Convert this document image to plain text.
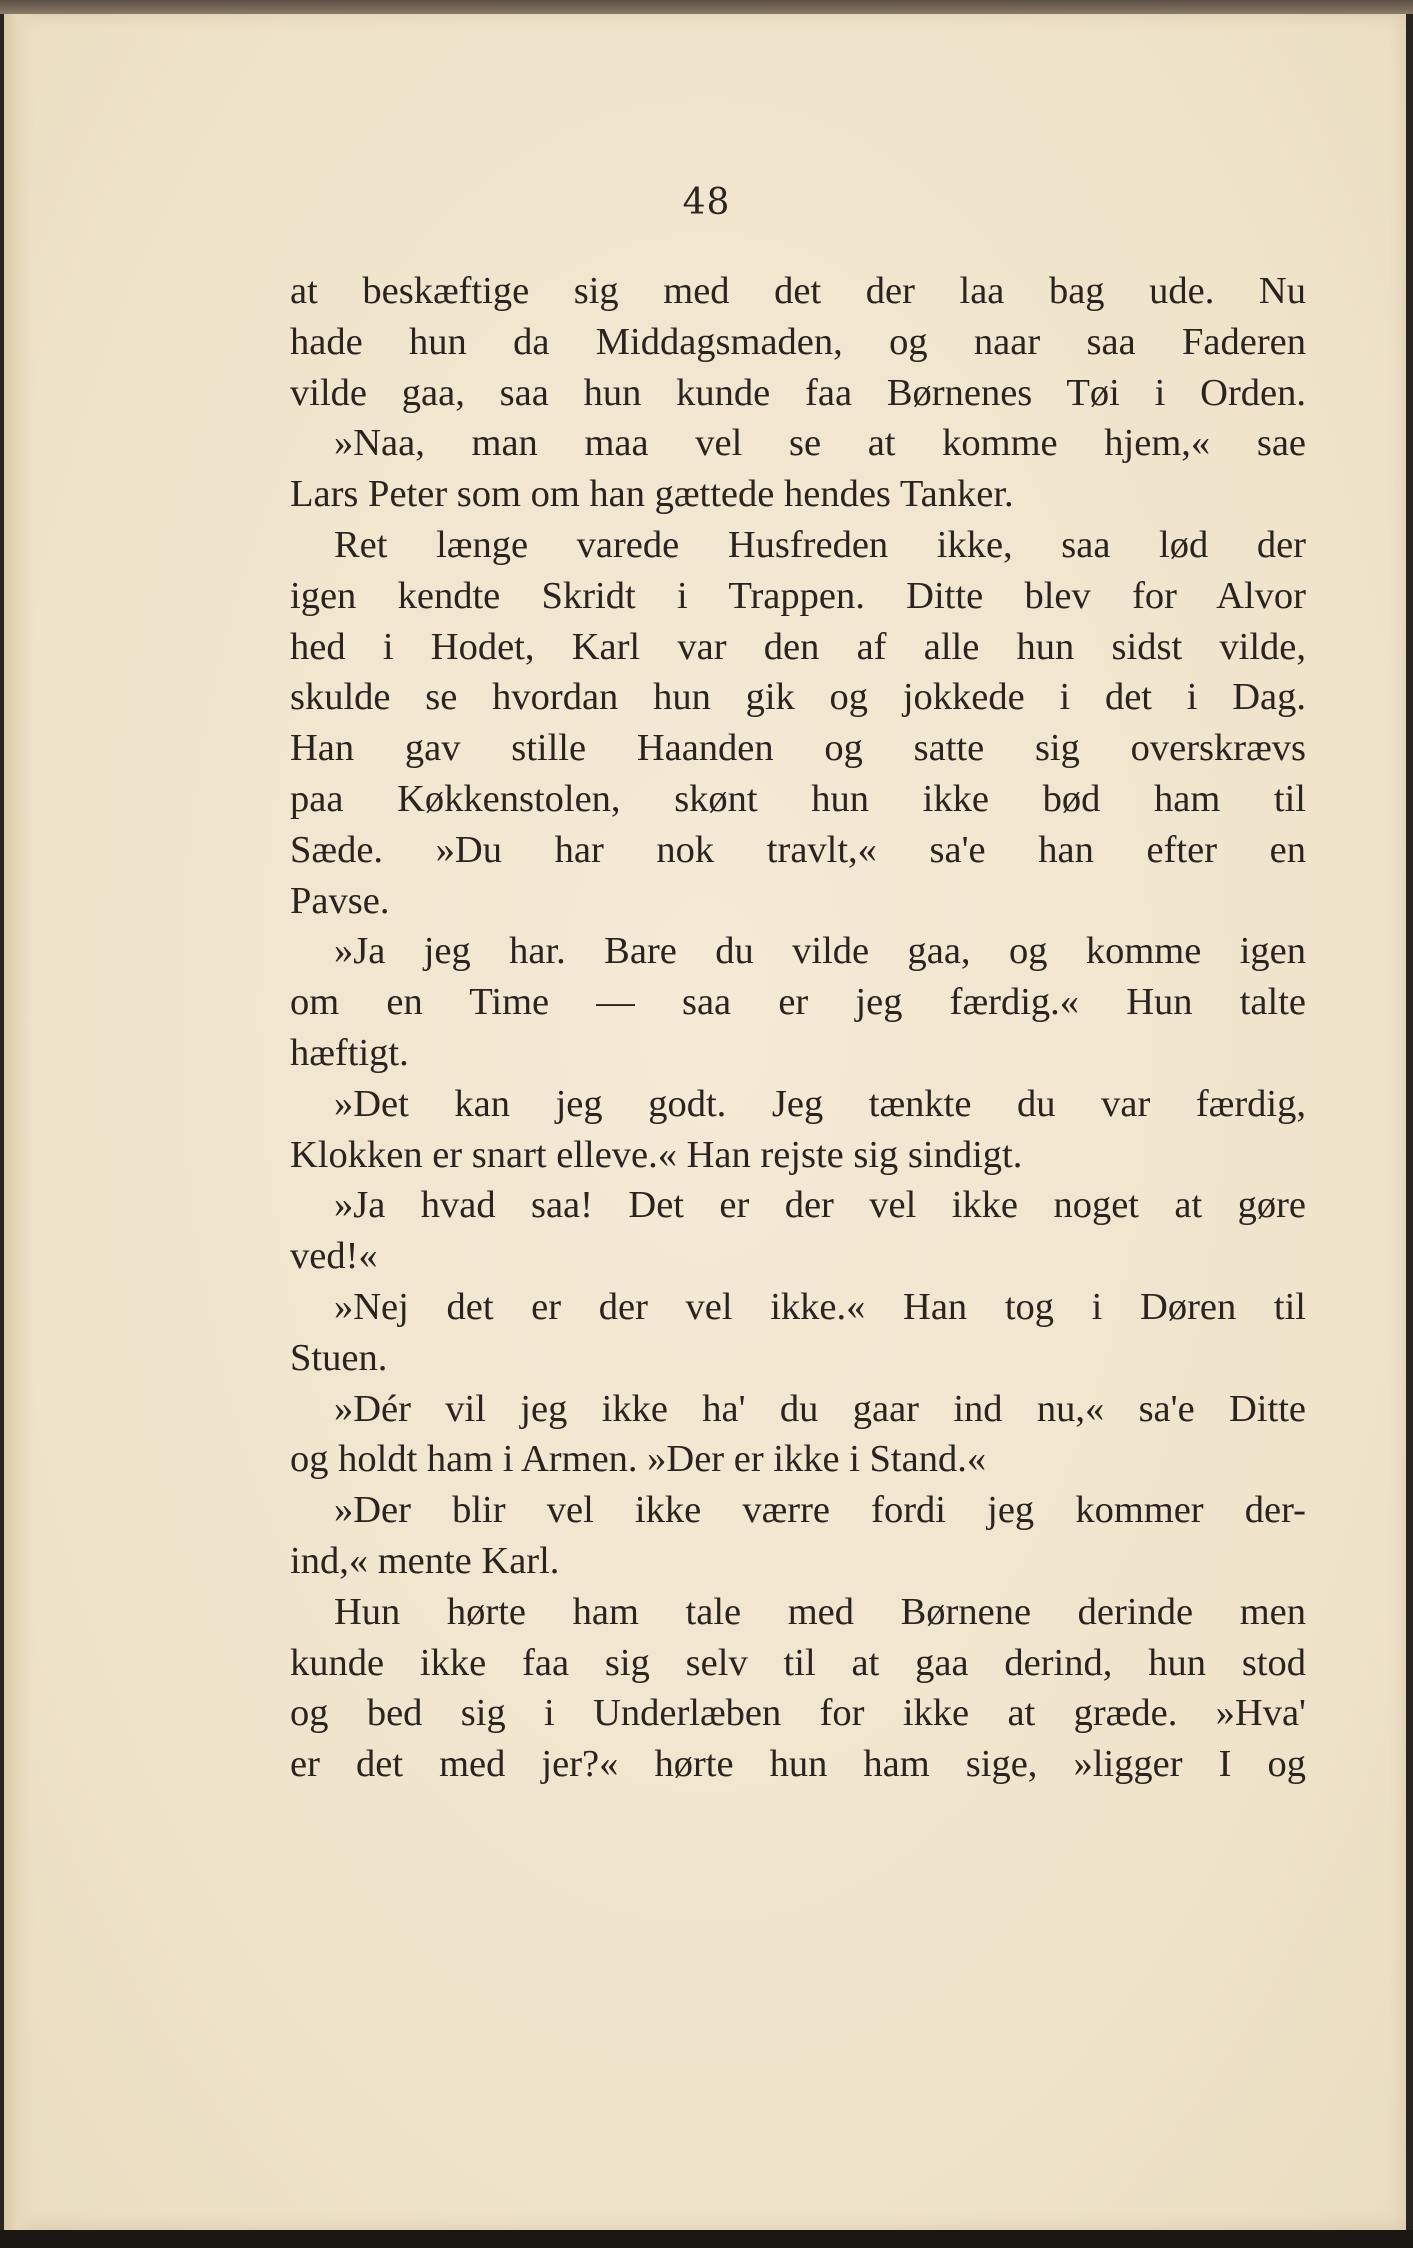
48
at beskæftige sig med det der laa bag ude. Nu
hade hun da Middagsmaden, og naar saa Faderen
vilde gaa, saa hun kunde faa Børnenes Tøi i Orden.
»Naa, man maa vel se at komme hjem,« sae
Lars Peter som om han gættede hendes Tanker.
Ret længe varede Husfreden ikke, saa lød der
igen kendte Skridt i Trappen. Ditte blev for Alvor
hed i Hodet, Karl var den af alle hun sidst vilde,
skulde se hvordan hun gik og jokkede i det i Dag.
Han gav stille Haanden og satte sig overskrævs
paa Køkkenstolen, skønt hun ikke bød ham til
Sæde. »Du har nok travlt,« sa'e han efter en
Pavse.
»Ja jeg har. Bare du vilde gaa, og komme igen
om en Time — saa er jeg færdig.« Hun talte
hæftigt.
»Det kan jeg godt. Jeg tænkte du var færdig,
Klokken er snart elleve.« Han rejste sig sindigt.
»Ja hvad saa! Det er der vel ikke noget at gøre
ved!«
»Nej det er der vel ikke.« Han tog i Døren til
Stuen.
»Dér vil jeg ikke ha' du gaar ind nu,« sa'e Ditte
og holdt ham i Armen. »Der er ikke i Stand.«
»Der blir vel ikke værre fordi jeg kommer der-
ind,« mente Karl.
Hun hørte ham tale med Børnene derinde men
kunde ikke faa sig selv til at gaa derind, hun stod
og bed sig i Underlæben for ikke at græde. »Hva'
er det med jer?« hørte hun ham sige, »ligger I og
